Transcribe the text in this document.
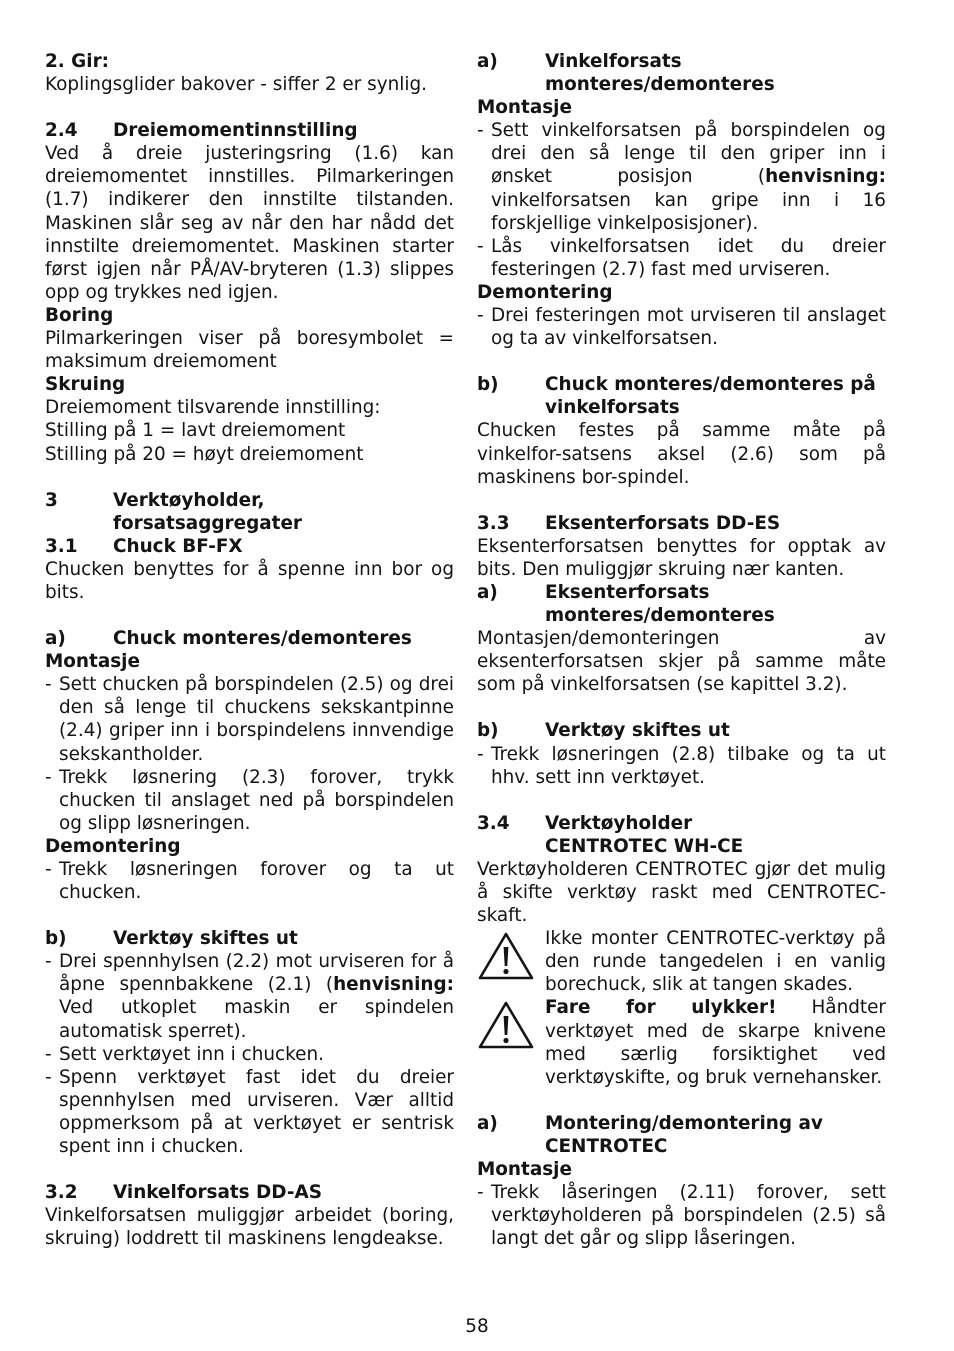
2. Gir:

Koplingsglider bakover - siffer 2 er synlig.

2.4	Dreiemomentinnstilling

Ved å dreie justeringsring (1.6) kan dreiemomentet innstilles. Pilmarkeringen (1.7) indikerer den innstilte tilstanden. Maskinen slår seg av når den har nådd det innstilte dreiemomentet. Maskinen starter først igjen når PÅ/AV-bryteren (1.3) slippes opp og trykkes ned igjen.

Boring

Pilmarkeringen viser på boresymbolet = maksimum dreiemoment

Skruing

Dreiemoment tilsvarende innstilling:

Stilling på 1 = lavt dreiemoment

Stilling på 20 = høyt dreiemoment

3	Verktøyholder, forsatsaggregater
3.1	Chuck BF-FX

Chucken benyttes for å spenne inn bor og bits.

a)	Chuck monteres/demonteres

Montasje

- Sett chucken på borspindelen (2.5) og drei den så lenge til chuckens sekskantpinne (2.4) griper inn i borspindelens innvendige sekskantholder.

- Trekk løsnering (2.3) forover, trykk chucken til anslaget ned på borspindelen og slipp løsneringen.

Demontering

- Trekk løsneringen forover og ta ut chucken.

b)	Verktøy skiftes ut

- Drei spennhylsen (2.2) mot urviseren for å åpne spennbakkene (2.1) (henvisning: Ved utkoplet maskin er spindelen automatisk sperret).

- Sett verktøyet inn i chucken.

- Spenn verktøyet fast idet du dreier spennhylsen med urviseren. Vær alltid oppmerksom på at verktøyet er sentrisk spent inn i chucken.

3.2	Vinkelforsats DD-AS

Vinkelforsatsen muliggjør arbeidet (boring, skruing) loddrett til maskinens lengdeakse.

a)	Vinkelforsats monteres/demonteres

Montasje

- Sett vinkelforsatsen på borspindelen og drei den så lenge til den griper inn i ønsket posisjon (henvisning: vinkelforsatsen kan gripe inn i 16 forskjellige vinkelposisjoner).

- Lås vinkelforsatsen idet du dreier festeringen (2.7) fast med urviseren.

Demontering

- Drei festeringen mot urviseren til anslaget og ta av vinkelforsatsen.

b)	Chuck monteres/demonteres på vinkelforsats

Chucken festes på samme måte på vinkelfor-satsens aksel (2.6) som på maskinens bor-spindel.

3.3	Eksenterforsats DD-ES

Eksenterforsatsen benyttes for opptak av bits. Den muliggjør skruing nær kanten.

a)	Eksenterforsats monteres/demonteres

Montasjen/demonteringen av eksenterforsatsen skjer på samme måte som på vinkelforsatsen (se kapittel 3.2).

b)	Verktøy skiftes ut

- Trekk løsneringen (2.8) tilbake og ta ut hhv. sett inn verktøyet.

3.4	Verktøyholder
CENTROTEC WH-CE

Verktøyholderen CENTROTEC gjør det mulig å skifte verktøy raskt med CENTROTEC-skaft.

Ikke monter CENTROTEC-verktøy på den runde tangedelen i en vanlig borechuck, slik at tangen skades.
Fare for ulykker! Håndter verktøyet med de skarpe knivene med særlig forsiktighet ved verktøyskifte, og bruk vernehansker.
a)	Montering/demontering av CENTROTEC

Montasje

- Trekk låseringen (2.11) forover, sett verktøyholderen på borspindelen (2.5) så langt det går og slipp låseringen.

58
